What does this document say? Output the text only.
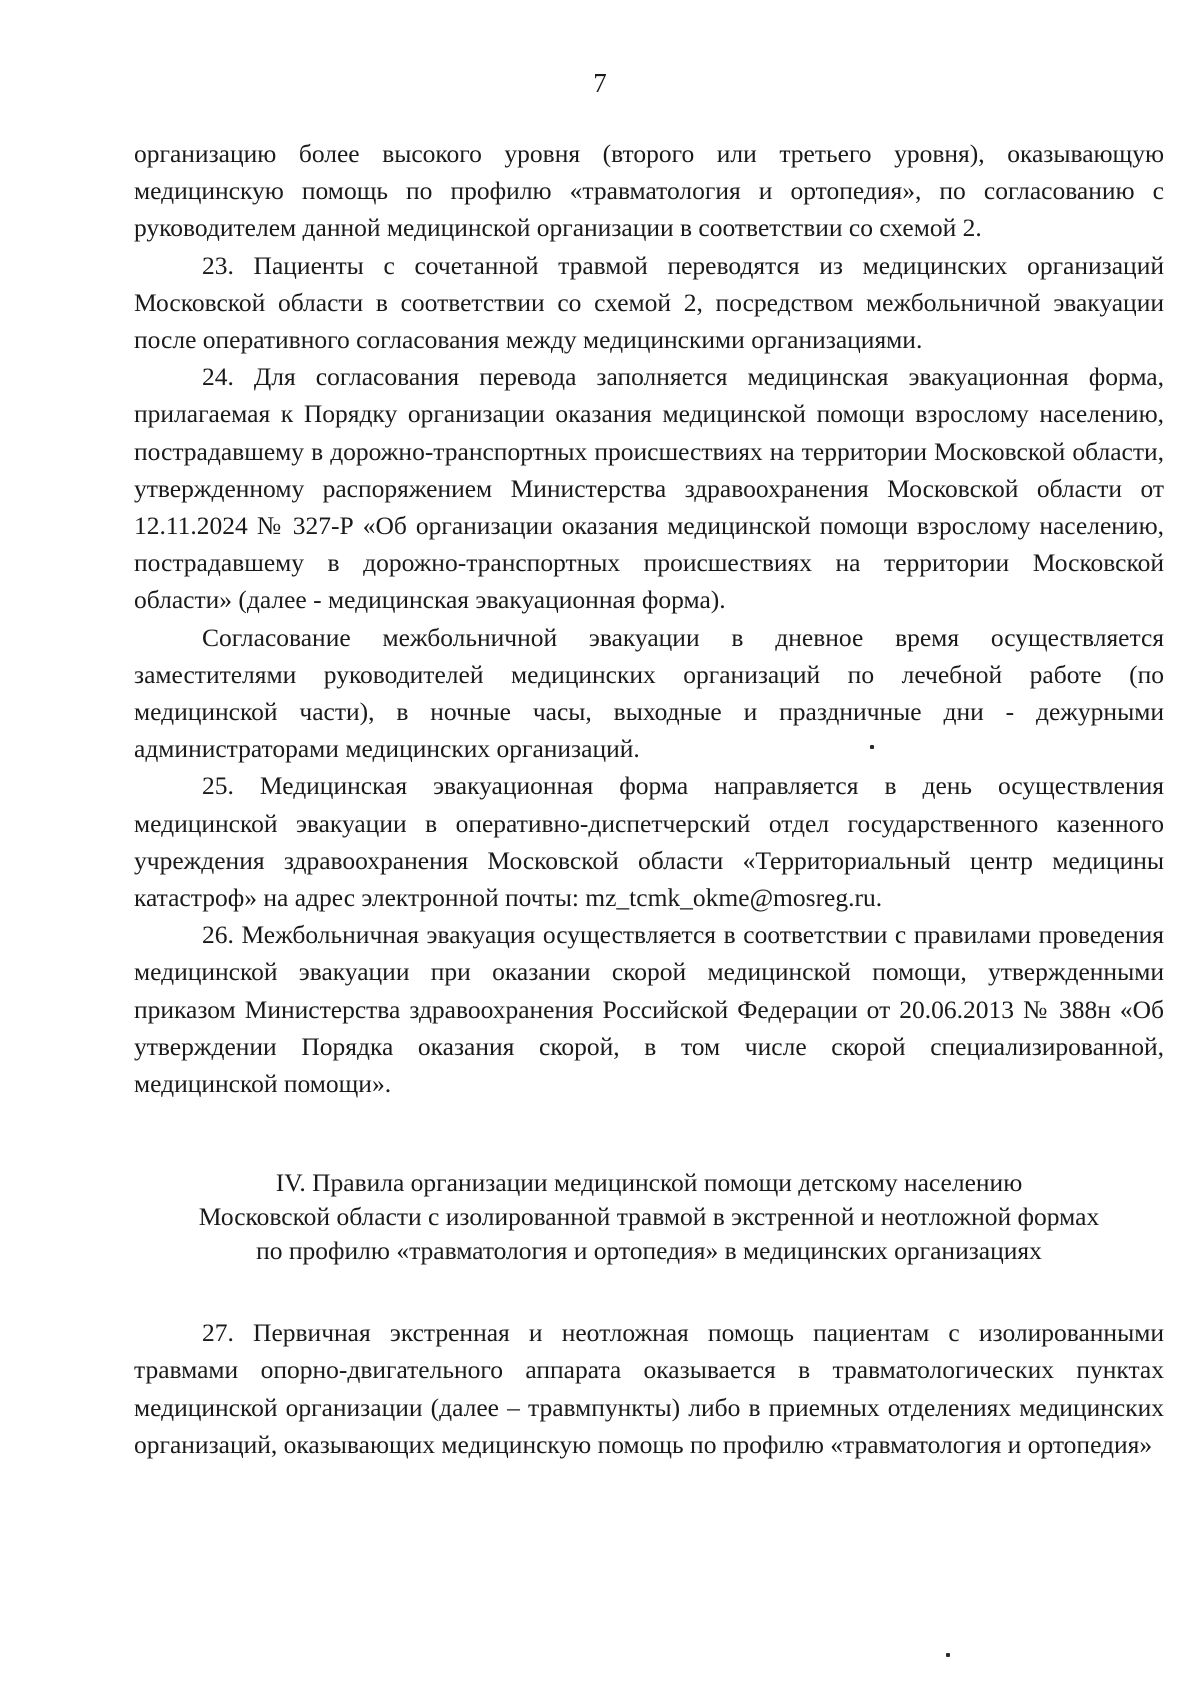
7

организацию более высокого уровня (второго или третьего уровня), оказывающую медицинскую помощь по профилю «травматология и ортопедия», по согласованию с руководителем данной медицинской организации в соответствии со схемой 2.

23. Пациенты с сочетанной травмой переводятся из медицинских организаций Московской области в соответствии со схемой 2, посредством межбольничной эвакуации после оперативного согласования между медицинскими организациями.

24. Для согласования перевода заполняется медицинская эвакуационная форма, прилагаемая к Порядку организации оказания медицинской помощи взрослому населению, пострадавшему в дорожно-транспортных происшествиях на территории Московской области, утвержденному распоряжением Министерства здравоохранения Московской области от 12.11.2024 № 327-Р «Об организации оказания медицинской помощи взрослому населению, пострадавшему в дорожно-транспортных происшествиях на территории Московской области» (далее - медицинская эвакуационная форма).

Согласование межбольничной эвакуации в дневное время осуществляется заместителями руководителей медицинских организаций по лечебной работе (по медицинской части), в ночные часы, выходные и праздничные дни - дежурными администраторами медицинских организаций.

25. Медицинская эвакуационная форма направляется в день осуществления медицинской эвакуации в оперативно-диспетчерский отдел государственного казенного учреждения здравоохранения Московской области «Территориальный центр медицины катастроф» на адрес электронной почты: mz_tcmk_okme@mosreg.ru.

26. Межбольничная эвакуация осуществляется в соответствии с правилами проведения медицинской эвакуации при оказании скорой медицинской помощи, утвержденными приказом Министерства здравоохранения Российской Федерации от 20.06.2013 № 388н «Об утверждении Порядка оказания скорой, в том числе скорой специализированной, медицинской помощи».

IV. Правила организации медицинской помощи детскому населению
Московской области с изолированной травмой в экстренной и неотложной формах
по профилю «травматология и ортопедия» в медицинских организациях

27. Первичная экстренная и неотложная помощь пациентам с изолированными травмами опорно-двигательного аппарата оказывается в травматологических пунктах медицинской организации (далее – травмпункты) либо в приемных отделениях медицинских организаций, оказывающих медицинскую помощь по профилю «травматология и ортопедия»
